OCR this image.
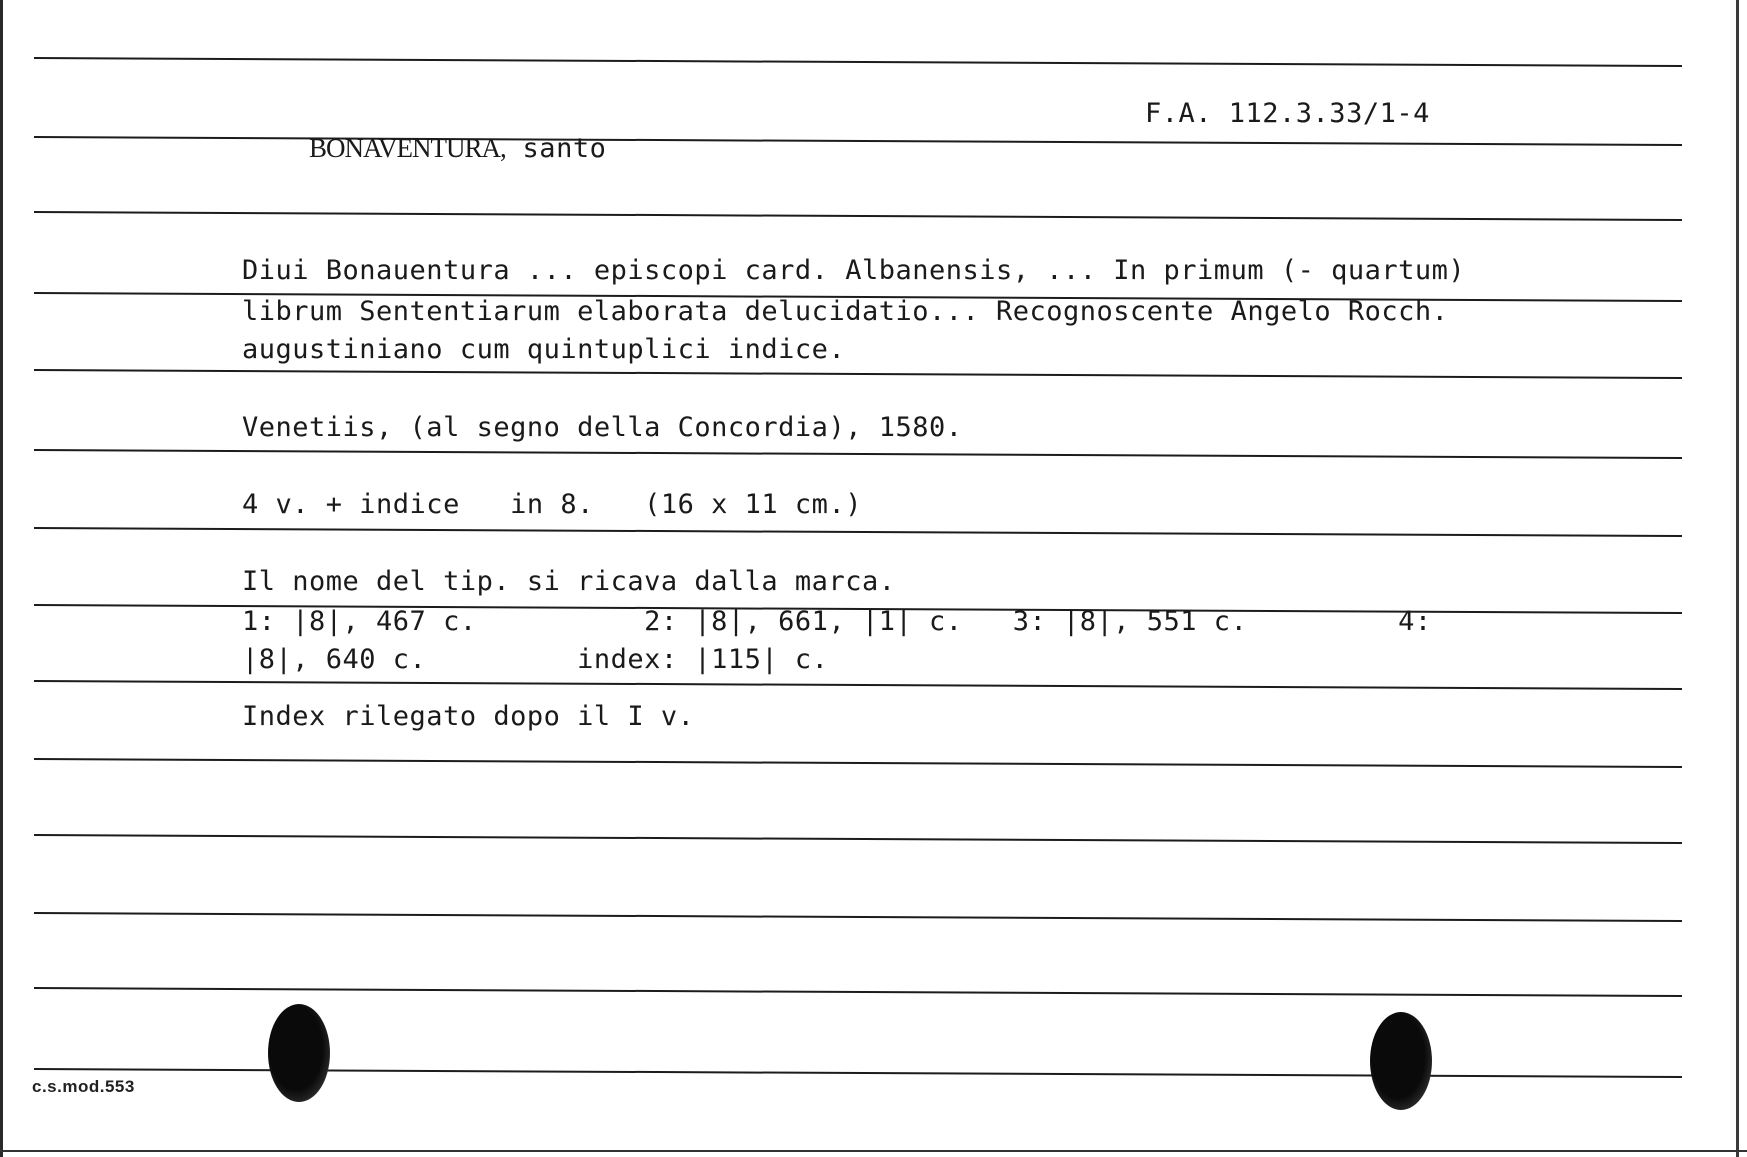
BONAVENTURA, santo

F.A. 112.3.33/1-4
Diui Bonauentura ... episcopi card. Albanensis, ... In primum (- quartum)
librum Sententiarum elaborata delucidatio... Recognoscente Angelo Rocch.
augustiniano cum quintuplici indice.
Venetiis, (al segno della Concordia), 1580.
4 v. + indice   in 8.   (16 x 11 cm.)
Il nome del tip. si ricava dalla marca.
1: |8|, 467 c.          2: |8|, 661, |1| c.   3: |8|, 551 c.         4:
|8|, 640 c.         index: |115| c.
Index rilegato dopo il I v.
c.s.mod.553
